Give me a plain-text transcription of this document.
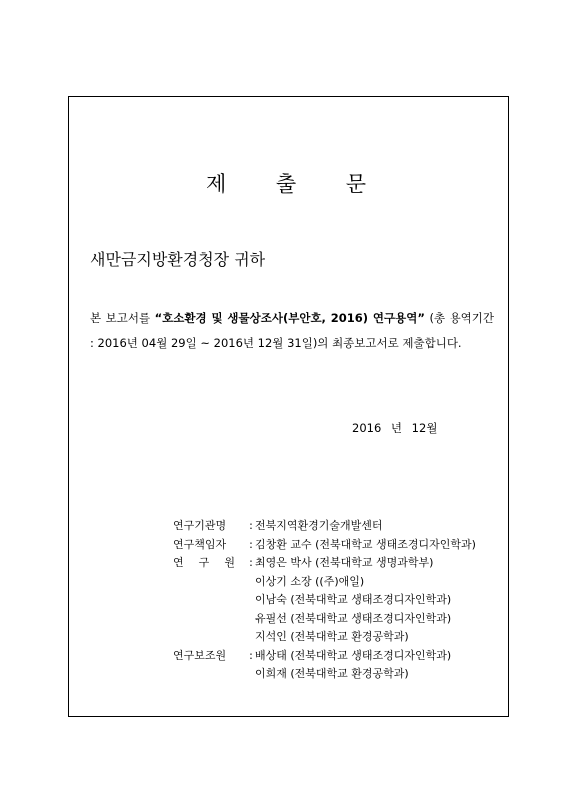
제 출 문
새만금지방환경청장 귀하
본 보고서를 “호소환경 및 생물상조사(부안호, 2016) 연구용역” (총 용역기간 : 2016년 04월 29일 ~ 2016년 12월 31일)의 최종보고서로 제출합니다.
2016 년 12월
연구기관명	: 전북지역환경기술개발센터
연구책임자	: 김창환 교수 (전북대학교 생태조경디자인학과)
연 구 원 : 최영은 박사 (전북대학교 생명과학부)
이상기 소장 ((주)애일)
이남숙 (전북대학교 생태조경디자인학과)
유필선 (전북대학교 생태조경디자인학과)
지석인 (전북대학교 환경공학과)
연구보조원	: 배상태 (전북대학교 생태조경디자인학과)
이희재 (전북대학교 환경공학과)
